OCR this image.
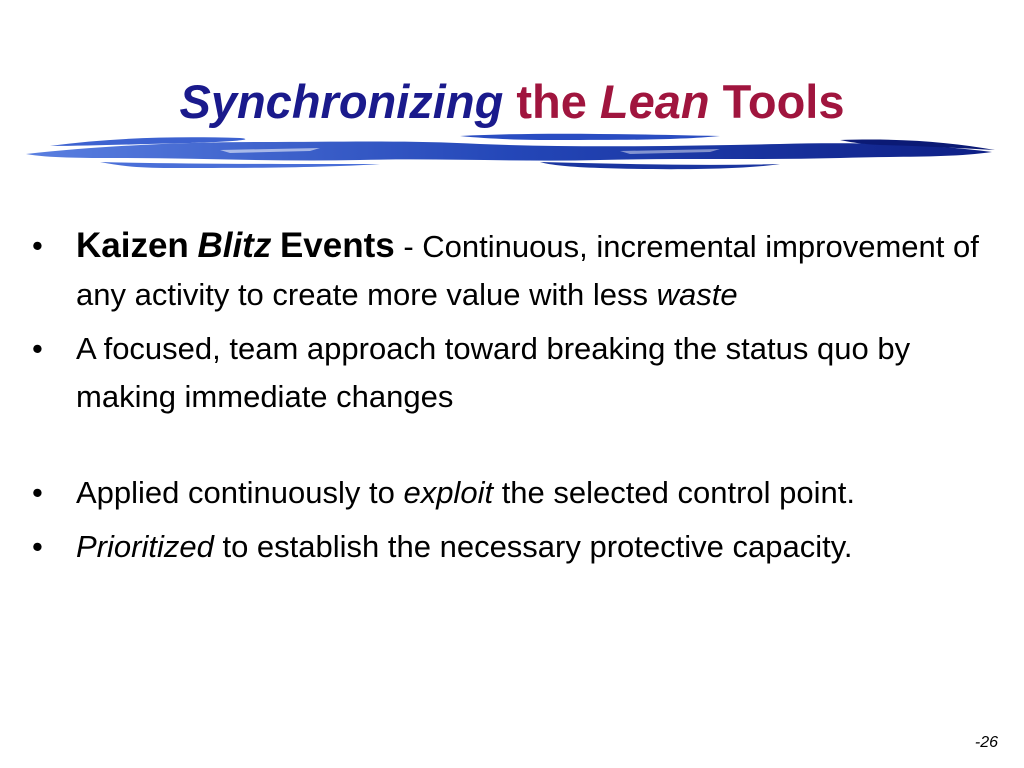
Synchronizing the Lean Tools
• Kaizen Blitz Events - Continuous, incremental improvement of any activity to create more value with less waste
• A focused, team approach toward breaking the status quo by making immediate changes
• Applied continuously to exploit the selected control point.
• Prioritized to establish the necessary protective capacity.
-26
